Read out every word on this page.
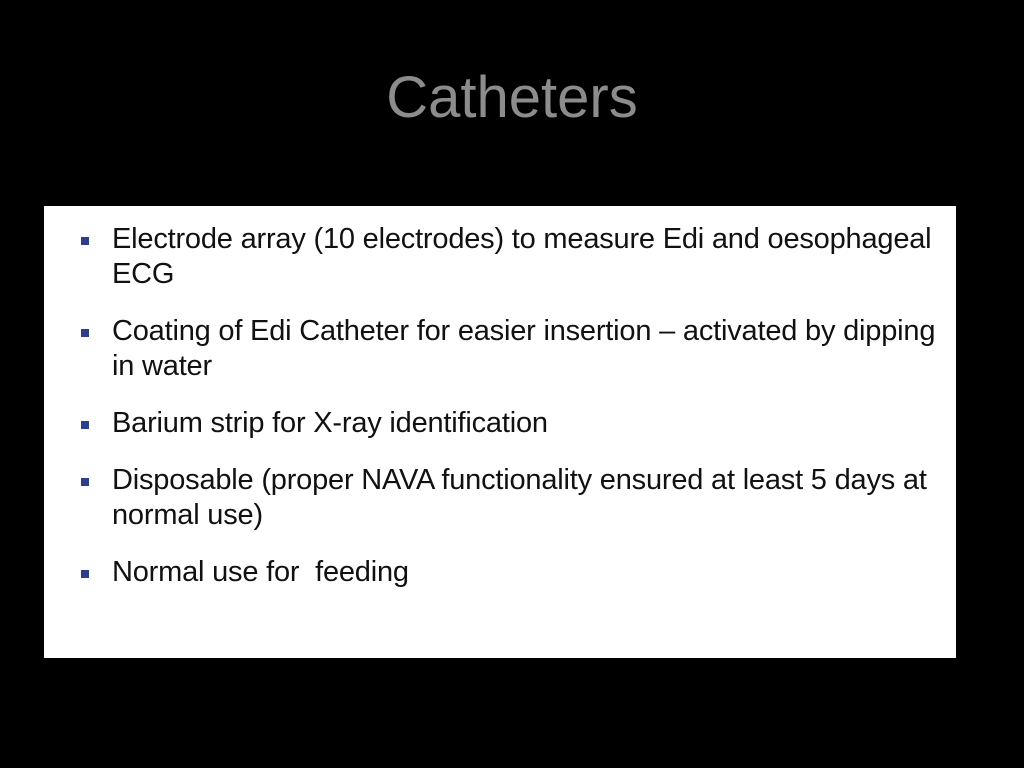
Catheters
Electrode array (10 electrodes) to measure Edi and oesophageal ECG
Coating of Edi Catheter for easier insertion – activated by dipping in water
Barium strip for X-ray identification
Disposable (proper NAVA functionality ensured at least 5 days at normal use)
Normal use for  feeding
